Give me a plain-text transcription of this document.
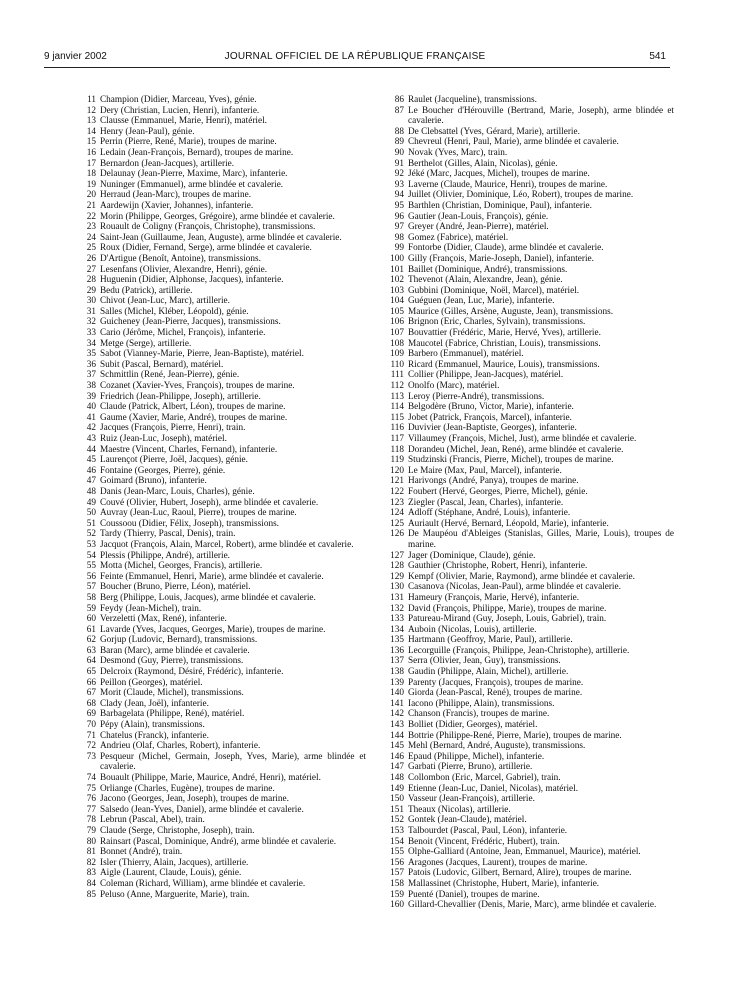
9 janvier 2002	JOURNAL OFFICIEL DE LA RÉPUBLIQUE FRANÇAISE	541
11 Champion (Didier, Marceau, Yves), génie.
12 Dery (Christian, Lucien, Henri), infanterie.
13 Clausse (Emmanuel, Marie, Henri), matériel.
14 Henry (Jean-Paul), génie.
15 Perrin (Pierre, René, Marie), troupes de marine.
16 Ledain (Jean-François, Bernard), troupes de marine.
17 Bernardon (Jean-Jacques), artillerie.
18 Delaunay (Jean-Pierre, Maxime, Marc), infanterie.
19 Nuninger (Emmanuel), arme blindée et cavalerie.
20 Herraud (Jean-Marc), troupes de marine.
21 Aardewijn (Xavier, Johannes), infanterie.
22 Morin (Philippe, Georges, Grégoire), arme blindée et cavalerie.
23 Rouault de Coligny (François, Christophe), transmissions.
24 Saint-Jean (Guillaume, Jean, Auguste), arme blindée et cavalerie.
25 Roux (Didier, Fernand, Serge), arme blindée et cavalerie.
26 D'Artigue (Benoît, Antoine), transmissions.
27 Lesenfans (Olivier, Alexandre, Henri), génie.
28 Huguenin (Didier, Alphonse, Jacques), infanterie.
29 Bedu (Patrick), artillerie.
30 Chivot (Jean-Luc, Marc), artillerie.
31 Salles (Michel, Kléber, Léopold), génie.
32 Guicheney (Jean-Pierre, Jacques), transmissions.
33 Cario (Jérôme, Michel, François), infanterie.
34 Metge (Serge), artillerie.
35 Sabot (Vianney-Marie, Pierre, Jean-Baptiste), matériel.
36 Subit (Pascal, Bernard), matériel.
37 Schmittlin (René, Jean-Pierre), génie.
38 Cozanet (Xavier-Yves, François), troupes de marine.
39 Friedrich (Jean-Philippe, Joseph), artillerie.
40 Claude (Patrick, Albert, Léon), troupes de marine.
41 Gaume (Xavier, Marie, André), troupes de marine.
42 Jacques (François, Pierre, Henri), train.
43 Ruiz (Jean-Luc, Joseph), matériel.
44 Maestre (Vincent, Charles, Fernand), infanterie.
45 Laurençot (Pierre, Joël, Jacques), génie.
46 Fontaine (Georges, Pierre), génie.
47 Goimard (Bruno), infanterie.
48 Danis (Jean-Marc, Louis, Charles), génie.
49 Couvé (Olivier, Hubert, Joseph), arme blindée et cavalerie.
50 Auvray (Jean-Luc, Raoul, Pierre), troupes de marine.
51 Coussoou (Didier, Félix, Joseph), transmissions.
52 Tardy (Thierry, Pascal, Denis), train.
53 Jacquot (François, Alain, Marcel, Robert), arme blindée et cavalerie.
54 Plessis (Philippe, André), artillerie.
55 Motta (Michel, Georges, Francis), artillerie.
56 Feinte (Emmanuel, Henri, Marie), arme blindée et cavalerie.
57 Boucher (Bruno, Pierre, Léon), matériel.
58 Berg (Philippe, Louis, Jacques), arme blindée et cavalerie.
59 Feydy (Jean-Michel), train.
60 Verzeletti (Max, René), infanterie.
61 Lavarde (Yves, Jacques, Georges, Marie), troupes de marine.
62 Gorjup (Ludovic, Bernard), transmissions.
63 Baran (Marc), arme blindée et cavalerie.
64 Desmond (Guy, Pierre), transmissions.
65 Delcroix (Raymond, Désiré, Frédéric), infanterie.
66 Peillon (Georges), matériel.
67 Morit (Claude, Michel), transmissions.
68 Clady (Jean, Joël), infanterie.
69 Barbagelata (Philippe, René), matériel.
70 Pépy (Alain), transmissions.
71 Chatelus (Franck), infanterie.
72 Andrieu (Olaf, Charles, Robert), infanterie.
73 Pesqueur (Michel, Germain, Joseph, Yves, Marie), arme blindée et cavalerie.
74 Bouault (Philippe, Marie, Maurice, André, Henri), matériel.
75 Orliange (Charles, Eugène), troupes de marine.
76 Jacono (Georges, Jean, Joseph), troupes de marine.
77 Salsedo (Jean-Yves, Daniel), arme blindée et cavalerie.
78 Lebrun (Pascal, Abel), train.
79 Claude (Serge, Christophe, Joseph), train.
80 Rainsart (Pascal, Dominique, André), arme blindée et cavalerie.
81 Bonnet (André), train.
82 Isler (Thierry, Alain, Jacques), artillerie.
83 Aigle (Laurent, Claude, Louis), génie.
84 Coleman (Richard, William), arme blindée et cavalerie.
85 Peluso (Anne, Marguerite, Marie), train.
86 Raulet (Jacqueline), transmissions.
87 Le Boucher d'Hérouville (Bertrand, Marie, Joseph), arme blindée et cavalerie.
88 De Clebsattel (Yves, Gérard, Marie), artillerie.
89 Chevreul (Henri, Paul, Marie), arme blindée et cavalerie.
90 Novak (Yves, Marc), train.
91 Berthelot (Gilles, Alain, Nicolas), génie.
92 Jéké (Marc, Jacques, Michel), troupes de marine.
93 Laverne (Claude, Maurice, Henri), troupes de marine.
94 Juillet (Olivier, Dominique, Léo, Robert), troupes de marine.
95 Barthlen (Christian, Dominique, Paul), infanterie.
96 Gautier (Jean-Louis, François), génie.
97 Greyer (André, Jean-Pierre), matériel.
98 Gomez (Fabrice), matériel.
99 Fontorbe (Didier, Claude), arme blindée et cavalerie.
100 Gilly (François, Marie-Joseph, Daniel), infanterie.
101 Baillet (Dominique, André), transmissions.
102 Thevenot (Alain, Alexandre, Jean), génie.
103 Gubbini (Dominique, Noël, Marcel), matériel.
104 Guéguen (Jean, Luc, Marie), infanterie.
105 Maurice (Gilles, Arsène, Auguste, Jean), transmissions.
106 Brignon (Eric, Charles, Sylvain), transmissions.
107 Bouvattier (Frédéric, Marie, Hervé, Yves), artillerie.
108 Maucotel (Fabrice, Christian, Louis), transmissions.
109 Barbero (Emmanuel), matériel.
110 Ricard (Emmanuel, Maurice, Louis), transmissions.
111 Collier (Philippe, Jean-Jacques), matériel.
112 Onolfo (Marc), matériel.
113 Leroy (Pierre-André), transmissions.
114 Belgodère (Bruno, Victor, Marie), infanterie.
115 Jobet (Patrick, François, Marcel), infanterie.
116 Duvivier (Jean-Baptiste, Georges), infanterie.
117 Villaumey (François, Michel, Just), arme blindée et cavalerie.
118 Dorandeu (Michel, Jean, René), arme blindée et cavalerie.
119 Studzinski (Francis, Pierre, Michel), troupes de marine.
120 Le Maire (Max, Paul, Marcel), infanterie.
121 Harivongs (André, Panya), troupes de marine.
122 Foubert (Hervé, Georges, Pierre, Michel), génie.
123 Ziegler (Pascal, Jean, Charles), infanterie.
124 Adloff (Stéphane, André, Louis), infanterie.
125 Auriault (Hervé, Bernard, Léopold, Marie), infanterie.
126 De Maupéou d'Ableiges (Stanislas, Gilles, Marie, Louis), troupes de marine.
127 Jager (Dominique, Claude), génie.
128 Gauthier (Christophe, Robert, Henri), infanterie.
129 Kempf (Olivier, Marie, Raymond), arme blindée et cavalerie.
130 Casanova (Nicolas, Jean-Paul), arme blindée et cavalerie.
131 Hameury (François, Marie, Hervé), infanterie.
132 David (François, Philippe, Marie), troupes de marine.
133 Patureau-Mirand (Guy, Joseph, Louis, Gabriel), train.
134 Auboin (Nicolas, Louis), artillerie.
135 Hartmann (Geoffroy, Marie, Paul), artillerie.
136 Lecorguille (François, Philippe, Jean-Christophe), artillerie.
137 Serra (Olivier, Jean, Guy), transmissions.
138 Gaudin (Philippe, Alain, Michel), artillerie.
139 Parenty (Jacques, François), troupes de marine.
140 Giorda (Jean-Pascal, René), troupes de marine.
141 Iacono (Philippe, Alain), transmissions.
142 Chanson (Francis), troupes de marine.
143 Bolliet (Didier, Georges), matériel.
144 Bottrie (Philippe-René, Pierre, Marie), troupes de marine.
145 Mehl (Bernard, André, Auguste), transmissions.
146 Epaud (Philippe, Michel), infanterie.
147 Garbati (Pierre, Bruno), artillerie.
148 Collombon (Eric, Marcel, Gabriel), train.
149 Etienne (Jean-Luc, Daniel, Nicolas), matériel.
150 Vasseur (Jean-François), artillerie.
151 Theaux (Nicolas), artillerie.
152 Gontek (Jean-Claude), matériel.
153 Talbourdet (Pascal, Paul, Léon), infanterie.
154 Benoit (Vincent, Frédéric, Hubert), train.
155 Olphe-Galliard (Antoine, Jean, Emmanuel, Maurice), matériel.
156 Aragones (Jacques, Laurent), troupes de marine.
157 Patois (Ludovic, Gilbert, Bernard, Alire), troupes de marine.
158 Mallassinet (Christophe, Hubert, Marie), infanterie.
159 Puenté (Daniel), troupes de marine.
160 Gillard-Chevallier (Denis, Marie, Marc), arme blindée et cavalerie.
